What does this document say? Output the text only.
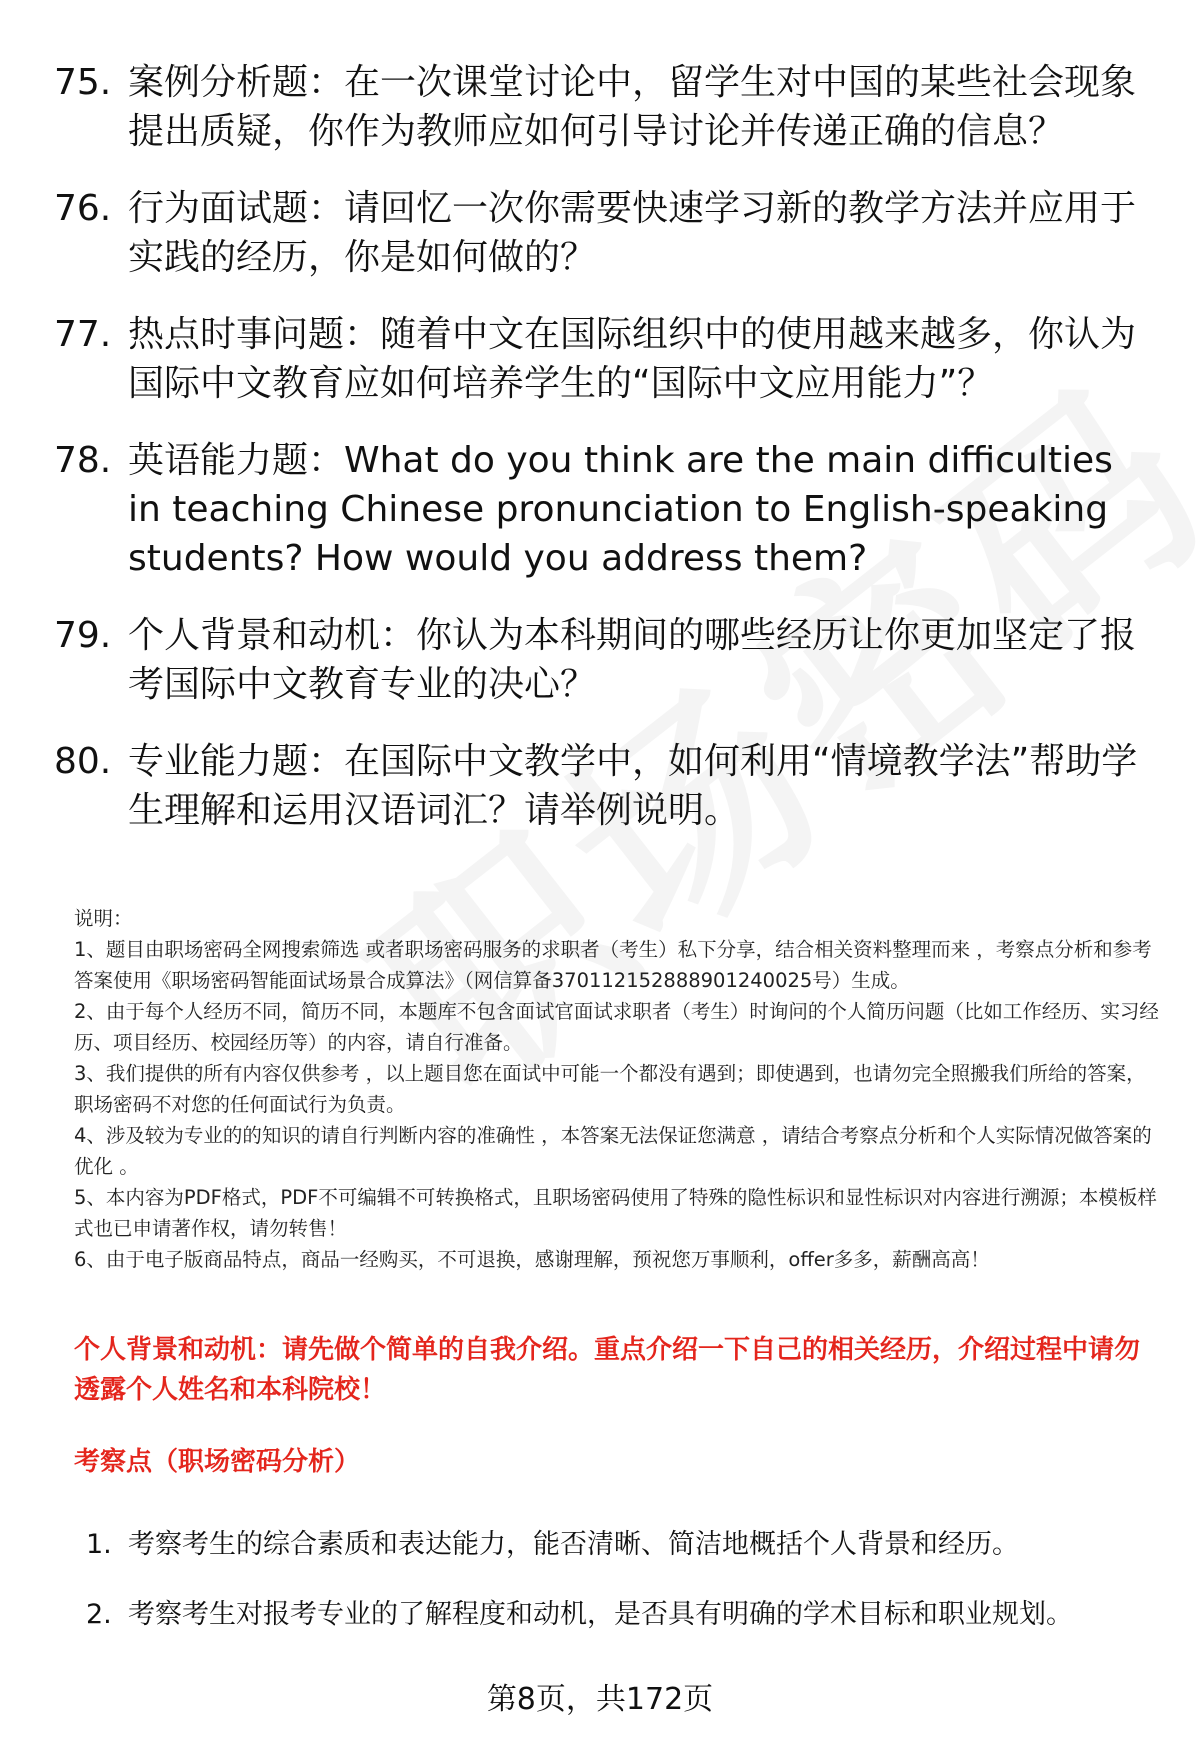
75. 案例分析题：在一次课堂讨论中，留学生对中国的某些社会现象提出质疑，你作为教师应如何引导讨论并传递正确的信息？
76. 行为面试题：请回忆一次你需要快速学习新的教学方法并应用于实践的经历，你是如何做的？
77. 热点时事问题：随着中文在国际组织中的使用越来越多，你认为国际中文教育应如何培养学生的“国际中文应用能力”？
78. 英语能力题：What do you think are the main difficulties in teaching Chinese pronunciation to English-speaking students? How would you address them?
79. 个人背景和动机：你认为本科期间的哪些经历让你更加坚定了报考国际中文教育专业的决心？
80. 专业能力题：在国际中文教学中，如何利用“情境教学法”帮助学生理解和运用汉语词汇？请举例说明。

说明：

1、题目由职场密码全网搜索筛选 或者职场密码服务的求职者（考生）私下分享，结合相关资料整理而来 ，考察点分析和参考答案使用《职场密码智能面试场景合成算法》（网信算备370112152888901240025号）生成。

2、由于每个人经历不同，简历不同，本题库不包含面试官面试求职者（考生）时询问的个人简历问题（比如工作经历、实习经历、项目经历、校园经历等）的内容，请自行准备。

3、我们提供的所有内容仅供参考 ，以上题目您在面试中可能一个都没有遇到；即使遇到，也请勿完全照搬我们所给的答案，职场密码不对您的任何面试行为负责。

4、涉及较为专业的的知识的请自行判断内容的准确性 ，本答案无法保证您满意 ，请结合考察点分析和个人实际情况做答案的优化 。

5、本内容为PDF格式，PDF不可编辑不可转换格式，且职场密码使用了特殊的隐性标识和显性标识对内容进行溯源；本模板样式也已申请著作权，请勿转售！

6、由于电子版商品特点，商品一经购买，不可退换，感谢理解，预祝您万事顺利，offer多多，薪酬高高！

个人背景和动机：请先做个简单的自我介绍。重点介绍一下自己的相关经历，介绍过程中请勿透露个人姓名和本科院校！
考察点（职场密码分析）
1. 考察考生的综合素质和表达能力，能否清晰、简洁地概括个人背景和经历。
2. 考察考生对报考专业的了解程度和动机，是否具有明确的学术目标和职业规划。
第8页，共172页
